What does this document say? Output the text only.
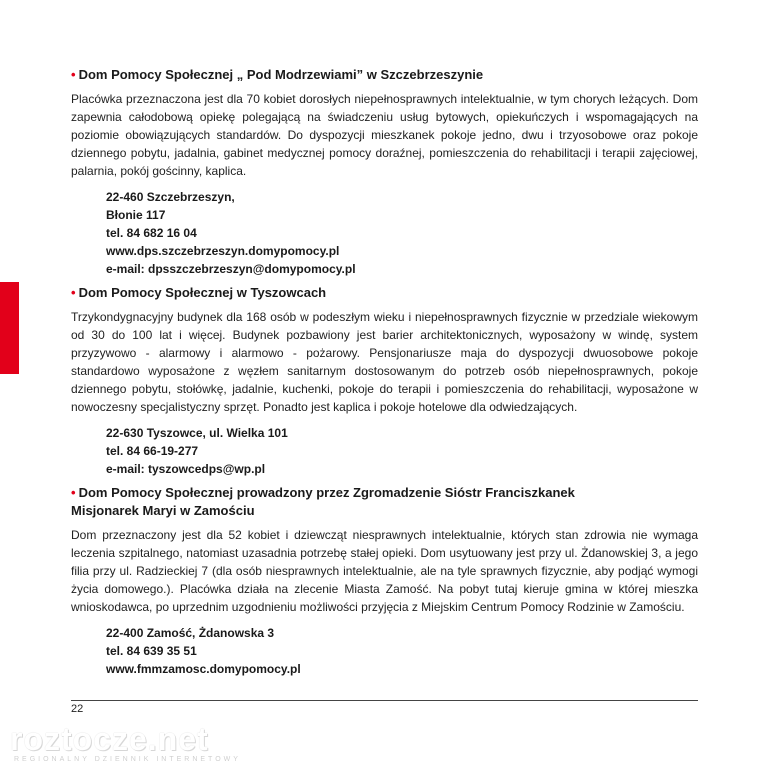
• Dom Pomocy Społecznej „ Pod Modrzewiami” w Szczebrzeszynie

Placówka przeznaczona jest dla 70 kobiet dorosłych niepełnosprawnych intelektualnie, w tym chorych leżących. Dom zapewnia całodobową opiekę polegającą na świadczeniu usług bytowych, opiekuńczych i wspomagających na poziomie obowiązujących standardów. Do dyspozycji mieszkanek pokoje jedno, dwu i trzyosobowe oraz pokoje dziennego pobytu, jadalnia, gabinet medycznej pomocy doraźnej, pomieszczenia do rehabilitacji i terapii zajęciowej, palarnia, pokój gościnny, kaplica.

22-460 Szczebrzeszyn,
Błonie 117
tel. 84 682 16 04
www.dps.szczebrzeszyn.domypomocy.pl
e-mail: dpsszczebrzeszyn@domypomocy.pl
• Dom Pomocy Społecznej w Tyszowcach

Trzykondygnacyjny budynek dla 168 osób w podeszłym wieku i niepełnosprawnych fizycznie w przedziale wiekowym od 30 do 100 lat i więcej. Budynek pozbawiony jest barier architektonicznych, wyposażony w windę, system przyzywowo - alarmowy i alarmowo - pożarowy. Pensjonariusze maja do dyspozycji dwuosobowe pokoje standardowo wyposażone z węzłem sanitarnym dostosowanym do potrzeb osób niepełnosprawnych, pokoje dziennego pobytu, stołówkę, jadalnie, kuchenki, pokoje do terapii i pomieszczenia do rehabilitacji, wyposażone w nowoczesny specjalistyczny sprzęt. Ponadto jest kaplica i pokoje hotelowe dla odwiedzających.

22-630 Tyszowce, ul. Wielka 101
tel. 84 66-19-277
e-mail: tyszowcedps@wp.pl
• Dom Pomocy Społecznej prowadzony przez Zgromadzenie Sióstr Franciszkanek
Misjonarek Maryi w Zamościu

Dom przeznaczony jest dla 52 kobiet i dziewcząt niesprawnych intelektualnie, których stan zdrowia nie wymaga leczenia szpitalnego, natomiast uzasadnia potrzebę stałej opieki. Dom usytuowany jest przy ul. Żdanowskiej 3, a jego filia przy ul. Radzieckiej 7 (dla osób niesprawnych intelektualnie, ale na tyle sprawnych fizycznie, aby podjąć wymogi życia domowego.). Placówka działa na zlecenie Miasta Zamość. Na pobyt tutaj kieruje gmina w której mieszka wnioskodawca, po uprzednim uzgodnieniu możliwości przyjęcia z Miejskim Centrum Pomocy Rodzinie w Zamościu.

22-400 Zamość, Żdanowska 3
tel. 84 639 35 51
www.fmmzamosc.domypomocy.pl
22
roztocze.net
REGIONALNY DZIENNIK INTERNETOWY
